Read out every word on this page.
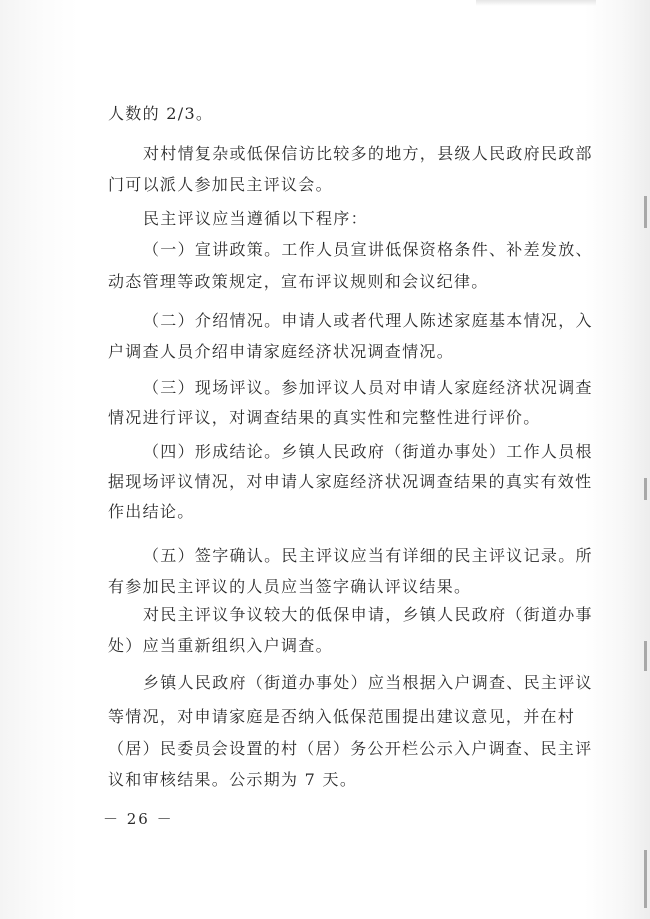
人数的 2/3。
对村情复杂或低保信访比较多的地方，县级人民政府民政部
门可以派人参加民主评议会。
民主评议应当遵循以下程序：
（一）宣讲政策。工作人员宣讲低保资格条件、补差发放、
动态管理等政策规定，宣布评议规则和会议纪律。
（二）介绍情况。申请人或者代理人陈述家庭基本情况，入
户调查人员介绍申请家庭经济状况调查情况。
（三）现场评议。参加评议人员对申请人家庭经济状况调查
情况进行评议，对调查结果的真实性和完整性进行评价。
（四）形成结论。乡镇人民政府（街道办事处）工作人员根
据现场评议情况，对申请人家庭经济状况调查结果的真实有效性
作出结论。
（五）签字确认。民主评议应当有详细的民主评议记录。所
有参加民主评议的人员应当签字确认评议结果。
对民主评议争议较大的低保申请，乡镇人民政府（街道办事
处）应当重新组织入户调查。
乡镇人民政府（街道办事处）应当根据入户调查、民主评议
等情况，对申请家庭是否纳入低保范围提出建议意见，并在村
（居）民委员会设置的村（居）务公开栏公示入户调查、民主评
议和审核结果。公示期为 7 天。
－ 26 －
